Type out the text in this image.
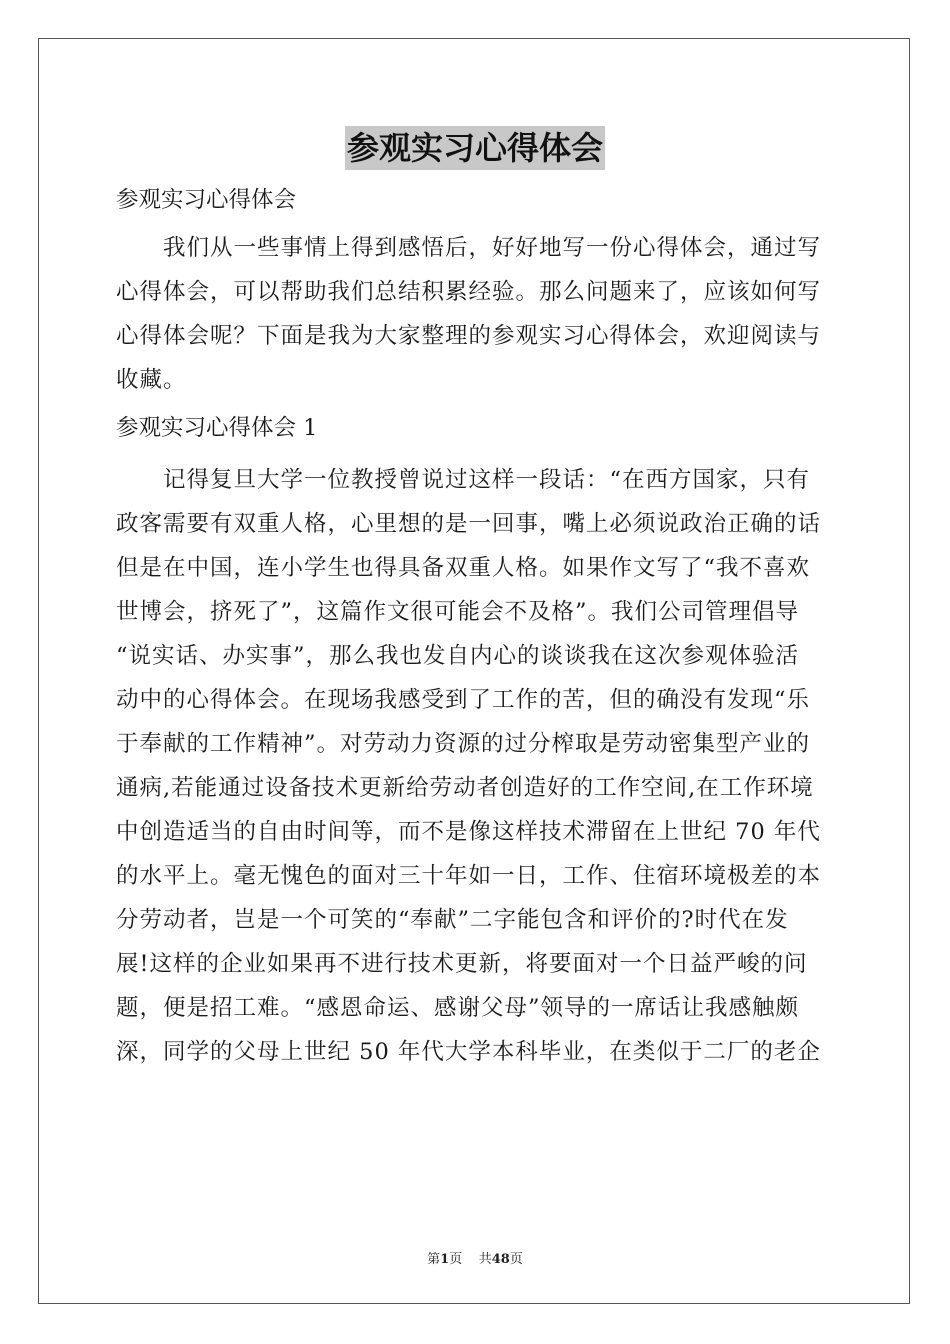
参观实习心得体会
参观实习心得体会
　　我们从一些事情上得到感悟后，好好地写一份心得体会，通过写
心得体会，可以帮助我们总结积累经验。那么问题来了，应该如何写
心得体会呢？下面是我为大家整理的参观实习心得体会，欢迎阅读与
收藏。
参观实习心得体会 1
　　记得复旦大学一位教授曾说过这样一段话：“在西方国家，只有
政客需要有双重人格，心里想的是一回事，嘴上必须说政治正确的话
但是在中国，连小学生也得具备双重人格。如果作文写了“我不喜欢
世博会，挤死了”，这篇作文很可能会不及格”。我们公司管理倡导
“说实话、办实事”，那么我也发自内心的谈谈我在这次参观体验活
动中的心得体会。在现场我感受到了工作的苦，但的确没有发现“乐
于奉献的工作精神”。对劳动力资源的过分榨取是劳动密集型产业的
通病,若能通过设备技术更新给劳动者创造好的工作空间,在工作环境
中创造适当的自由时间等，而不是像这样技术滞留在上世纪 70 年代
的水平上。毫无愧色的面对三十年如一日，工作、住宿环境极差的本
分劳动者，岂是一个可笑的“奉献”二字能包含和评价的?时代在发
展!这样的企业如果再不进行技术更新，将要面对一个日益严峻的问
题，便是招工难。“感恩命运、感谢父母”领导的一席话让我感触颇
深，同学的父母上世纪 50 年代大学本科毕业，在类似于二厂的老企
第1页 共48页
